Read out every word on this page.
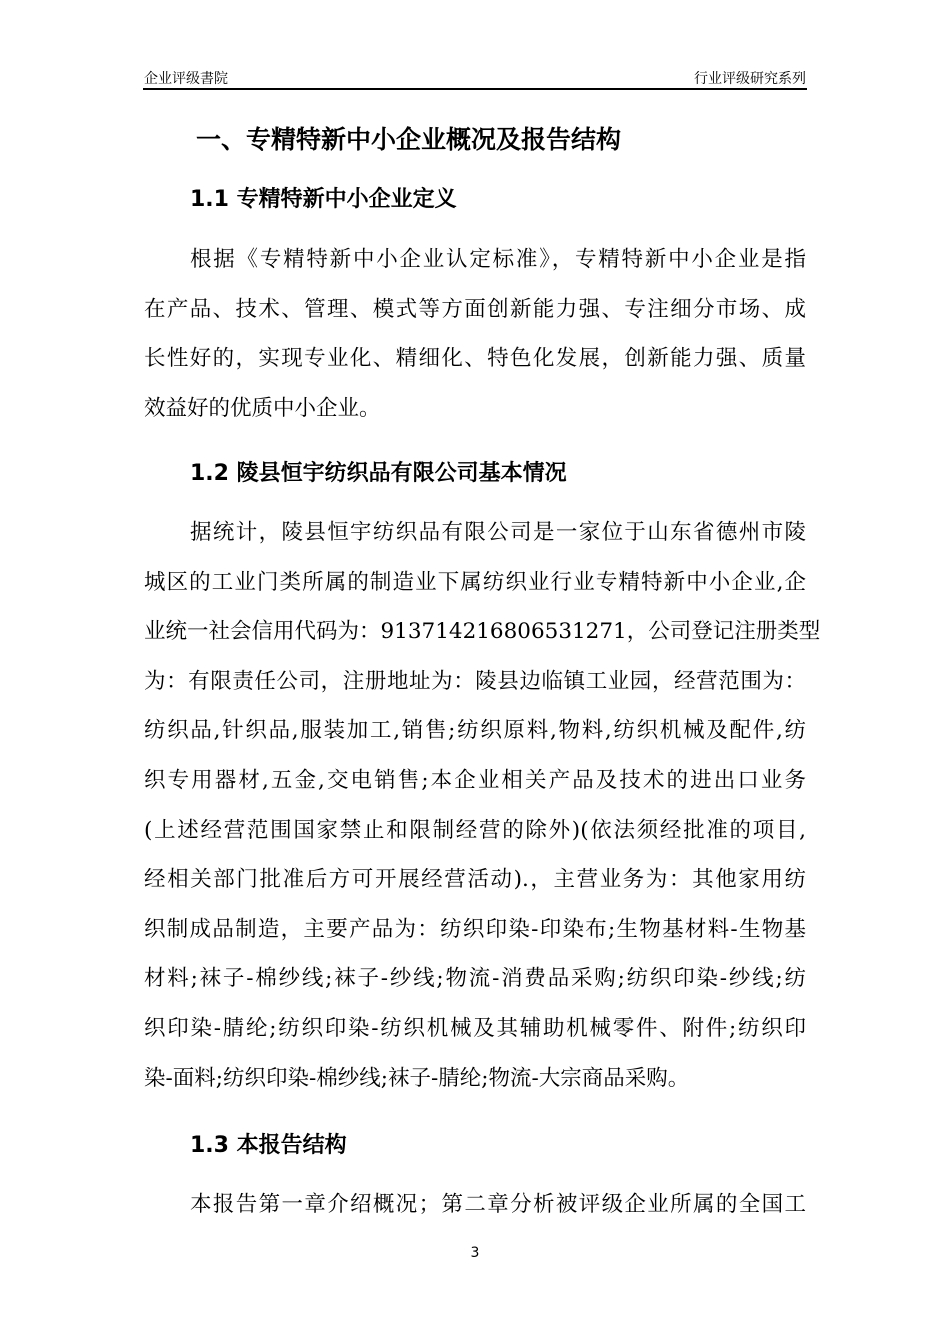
企业评级書院	行业评级研究系列
一、专精特新中小企业概况及报告结构
1.1 专精特新中小企业定义
根据《专精特新中小企业认定标准》，专精特新中小企业是指
在产品、技术、管理、模式等方面创新能力强、专注细分市场、成
长性好的，实现专业化、精细化、特色化发展，创新能力强、质量
效益好的优质中小企业。
1.2 陵县恒宇纺织品有限公司基本情况
据统计，陵县恒宇纺织品有限公司是一家位于山东省德州市陵
城区的工业门类所属的制造业下属纺织业行业专精特新中小企业,企
业统一社会信用代码为：913714216806531271，公司登记注册类型
为：有限责任公司，注册地址为：陵县边临镇工业园，经营范围为：
纺织品,针织品,服装加工,销售;纺织原料,物料,纺织机械及配件,纺
织专用器材,五金,交电销售;本企业相关产品及技术的进出口业务
(上述经营范围国家禁止和限制经营的除外)(依法须经批准的项目,
经相关部门批准后方可开展经营活动).，主营业务为：其他家用纺
织制成品制造，主要产品为：纺织印染-印染布;生物基材料-生物基
材料;袜子-棉纱线;袜子-纱线;物流-消费品采购;纺织印染-纱线;纺
织印染-腈纶;纺织印染-纺织机械及其辅助机械零件、附件;纺织印
染-面料;纺织印染-棉纱线;袜子-腈纶;物流-大宗商品采购。
1.3 本报告结构
本报告第一章介绍概况；第二章分析被评级企业所属的全国工
3
